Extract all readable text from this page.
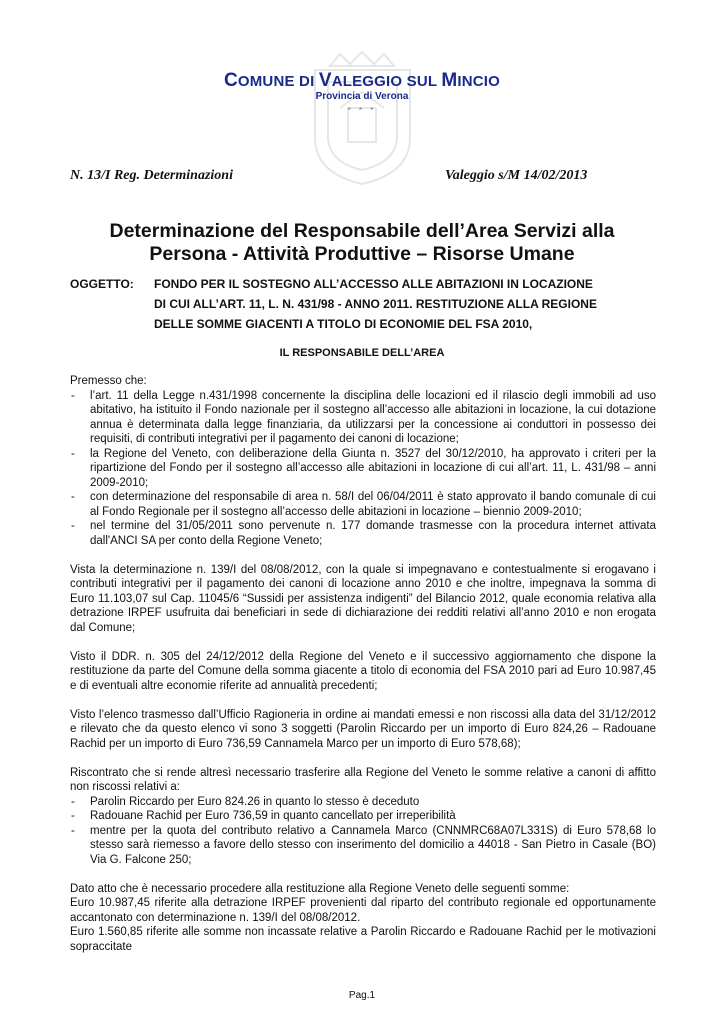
COMUNE DI VALEGGIO SUL MINCIO
Provincia di Verona
* * *
N. 13/I Reg. Determinazioni	Valeggio s/M 14/02/2013
Determinazione del Responsabile dell’Area Servizi alla
Persona - Attività Produttive – Risorse Umane
OGGETTO: FONDO PER IL SOSTEGNO ALL’ACCESSO ALLE ABITAZIONI IN LOCAZIONE
DI CUI ALL’ART. 11, L. N. 431/98 - ANNO 2011. RESTITUZIONE ALLA REGIONE
DELLE SOMME GIACENTI A TITOLO DI ECONOMIE DEL FSA 2010,
IL RESPONSABILE DELL’AREA

Premesso che:

- l’art. 11 della Legge n.431/1998 concernente la disciplina delle locazioni ed il rilascio degli immobili ad uso abitativo, ha istituito il Fondo nazionale per il sostegno all’accesso alle abitazioni in locazione, la cui dotazione annua è determinata dalla legge finanziaria, da utilizzarsi per la concessione ai conduttori in possesso dei requisiti, di contributi integrativi per il pagamento dei canoni di locazione;
- la Regione del Veneto, con deliberazione della Giunta n. 3527 del 30/12/2010, ha approvato i criteri per la ripartizione del Fondo per il sostegno all’accesso alle abitazioni in locazione di cui all’art. 11, L. 431/98 – anni 2009-2010;
- con determinazione del responsabile di area n. 58/I del 06/04/2011 è stato approvato il bando comunale di cui al Fondo Regionale per il sostegno all’accesso delle abitazioni in locazione – biennio 2009-2010;
- nel termine del 31/05/2011 sono pervenute n. 177 domande trasmesse con la procedura internet attivata dall'ANCI SA per conto della Regione Veneto;

Vista la determinazione n. 139/I del 08/08/2012, con la quale si impegnavano e contestualmente si erogavano i contributi integrativi per il pagamento dei canoni di locazione anno 2010 e che inoltre, impegnava la somma di Euro 11.103,07 sul Cap. 11045/6 “Sussidi per assistenza indigenti” del Bilancio 2012, quale economia relativa alla detrazione IRPEF usufruita dai beneficiari in sede di dichiarazione dei redditi relativi all’anno 2010 e non erogata dal Comune;

Visto il DDR. n. 305 del 24/12/2012 della Regione del Veneto e il successivo aggiornamento che dispone la restituzione da parte del Comune della somma giacente a titolo di economia del FSA 2010 pari ad Euro 10.987,45 e di eventuali altre economie riferite ad annualità precedenti;

Visto l’elenco trasmesso dall’Ufficio Ragioneria in ordine ai mandati emessi e non riscossi alla data del 31/12/2012 e rilevato che da questo elenco vi sono 3 soggetti (Parolin Riccardo per un importo di Euro 824,26 – Radouane Rachid per un importo di Euro 736,59 Cannamela Marco per un importo di Euro 578,68);

Riscontrato che si rende altresì necessario trasferire alla Regione del Veneto le somme relative a canoni di affitto non riscossi relativi a:

- Parolin Riccardo per Euro 824.26 in quanto lo stesso è deceduto
- Radouane Rachid per Euro 736,59 in quanto cancellato per irreperibilità
- mentre per la quota del contributo relativo a Cannamela Marco (CNNMRC68A07L331S) di Euro 578,68 lo stesso sarà riemesso a favore dello stesso con inserimento del domicilio a 44018 - San Pietro in Casale (BO) Via G. Falcone 250;

Dato atto che è necessario procedere alla restituzione alla Regione Veneto delle seguenti somme:

Euro 10.987,45 riferite alla detrazione IRPEF provenienti dal riparto del contributo regionale ed opportunamente accantonato con determinazione n. 139/I del 08/08/2012.

Euro 1.560,85 riferite alle somme non incassate relative a Parolin Riccardo e Radouane Rachid per le motivazioni sopraccitate

Pag.1
